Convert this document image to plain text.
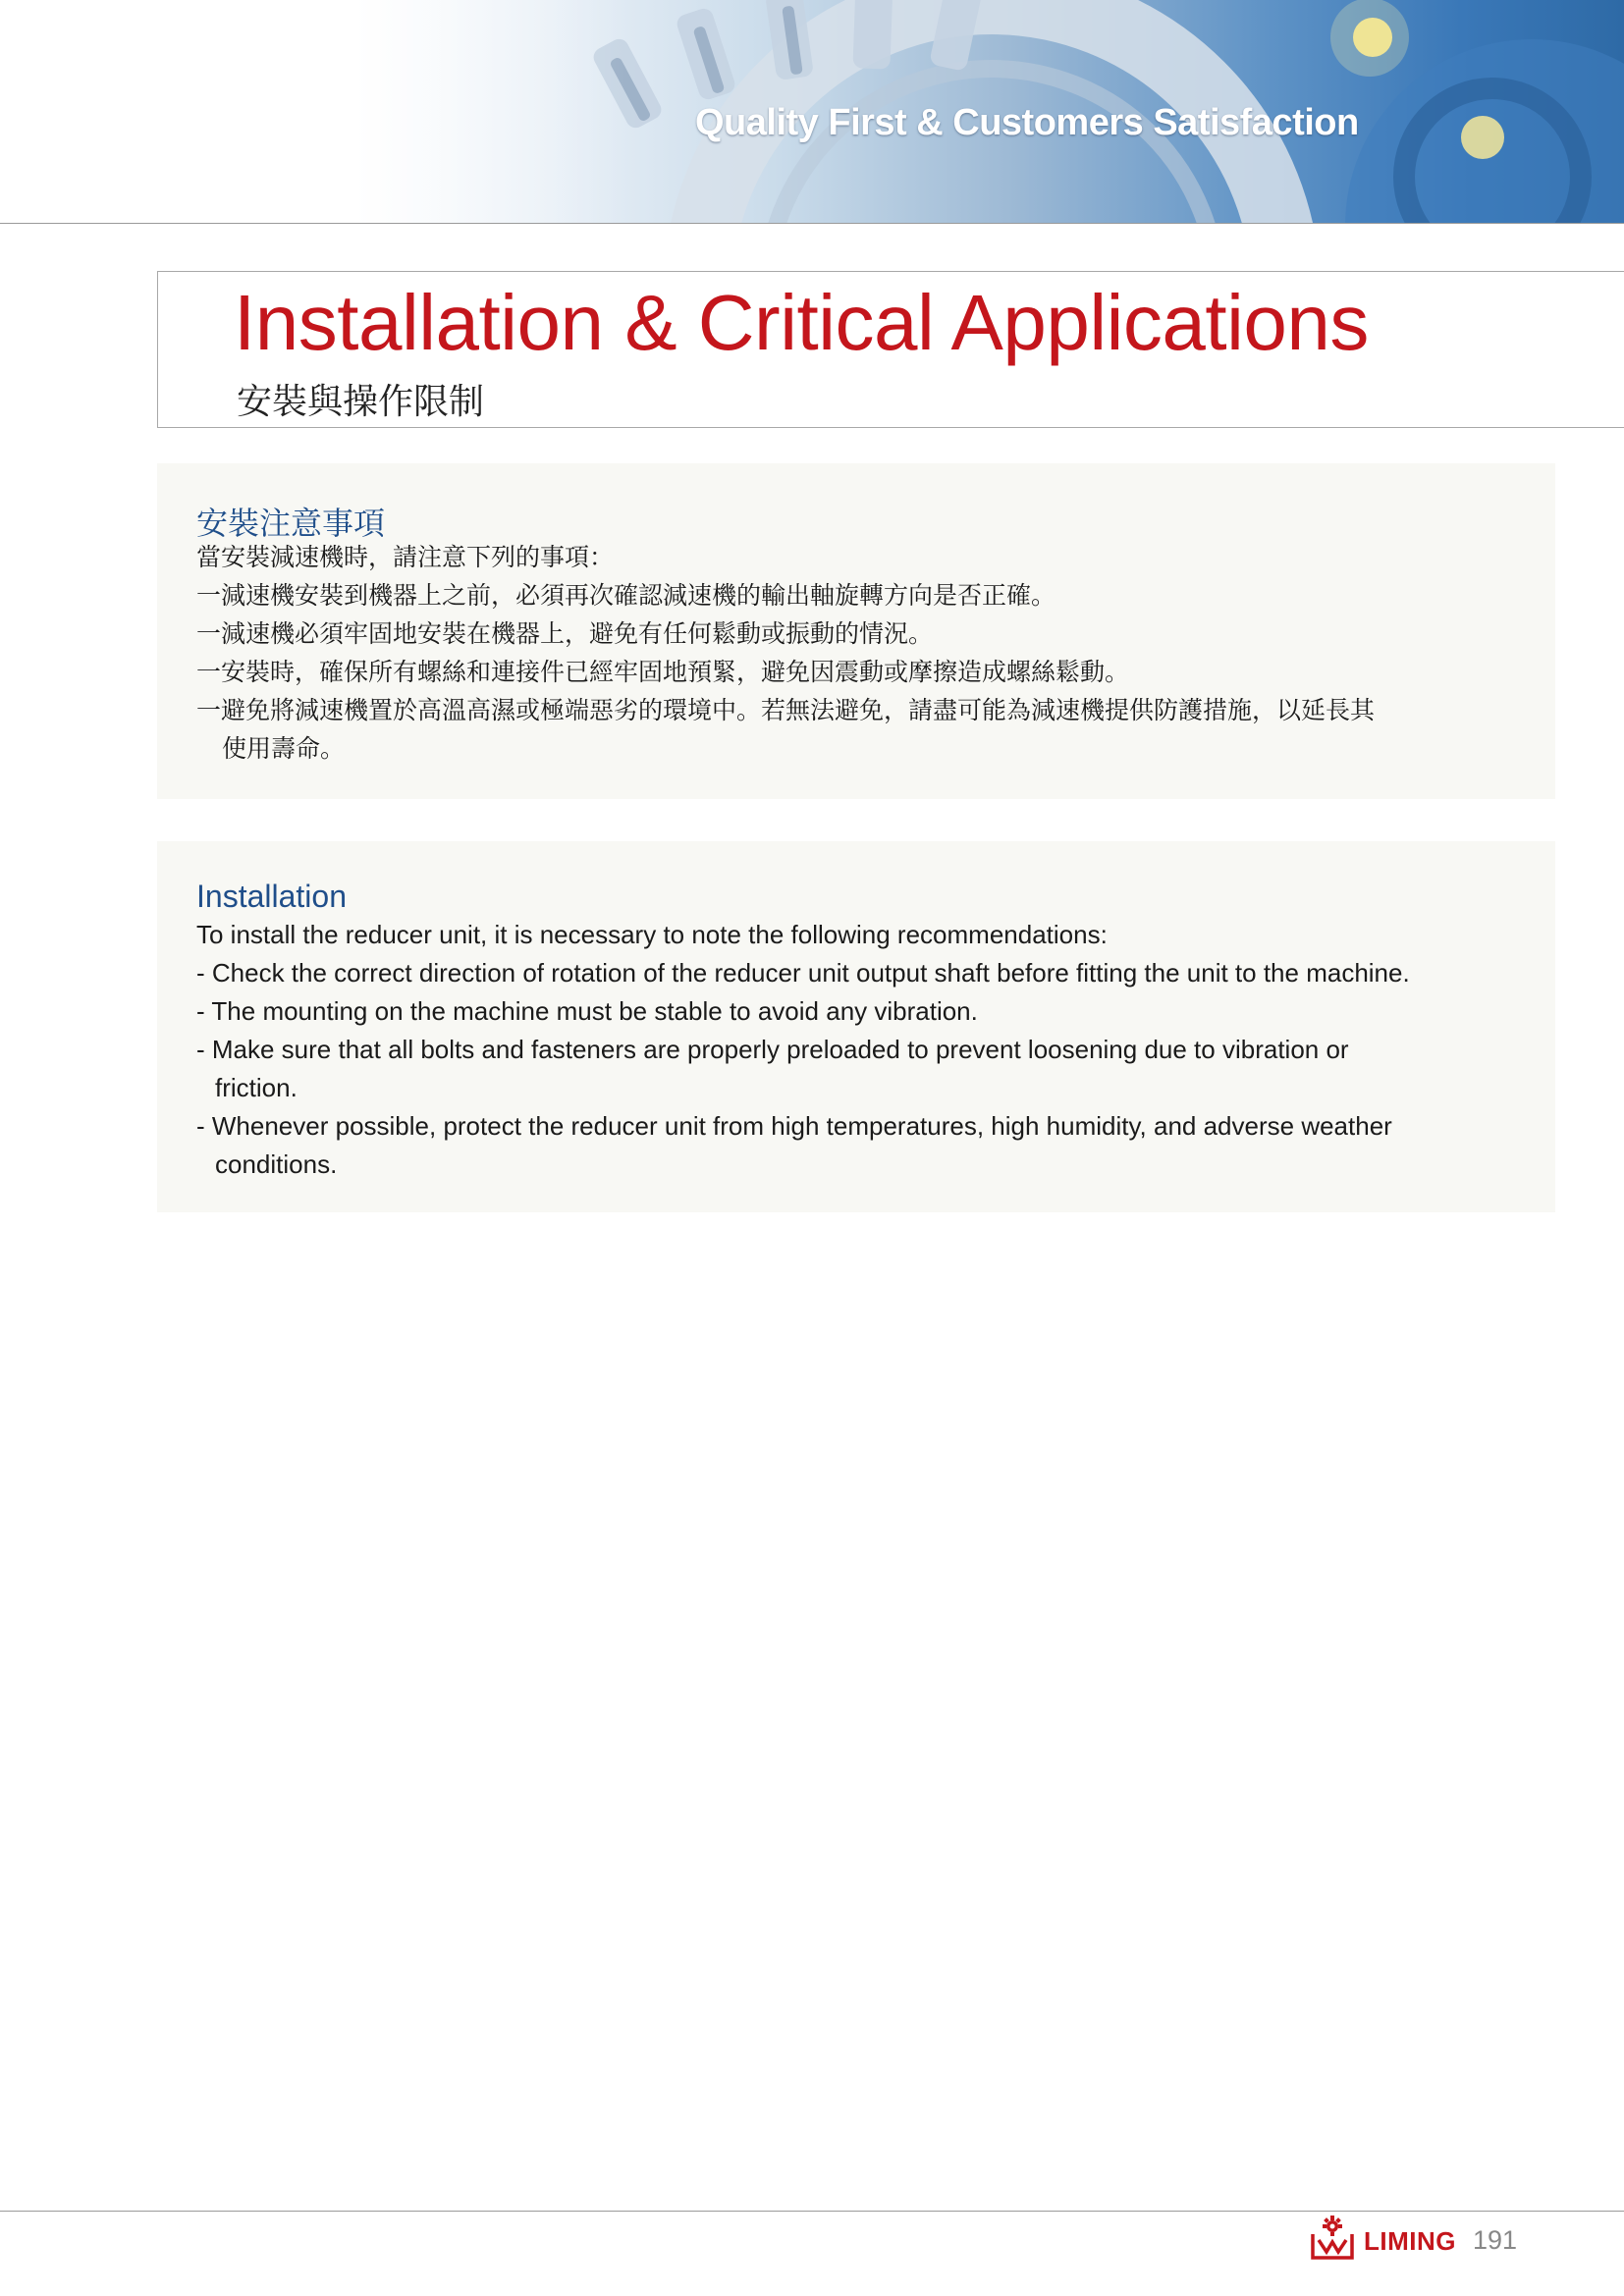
Quality First & Customers Satisfaction
Installation & Critical Applications
安裝與操作限制
安裝注意事項
當安裝減速機時，請注意下列的事項：
一減速機安裝到機器上之前，必須再次確認減速機的輸出軸旋轉方向是否正確。
一減速機必須牢固地安裝在機器上，避免有任何鬆動或振動的情況。
一安裝時，確保所有螺絲和連接件已經牢固地預緊，避免因震動或摩擦造成螺絲鬆動。
一避免將減速機置於高溫高濕或極端惡劣的環境中。若無法避免，請盡可能為減速機提供防護措施，以延長其
使用壽命。
Installation
To install the reducer unit, it is necessary to note the following recommendations:
- Check the correct direction of rotation of the reducer unit output shaft before fitting the unit to the machine.
- The mounting on the machine must be stable to avoid any vibration.
- Make sure that all bolts and fasteners are properly preloaded to prevent loosening due to vibration or
friction.
- Whenever possible, protect the reducer unit from high temperatures, high humidity, and adverse weather
conditions.
LIMING 191
